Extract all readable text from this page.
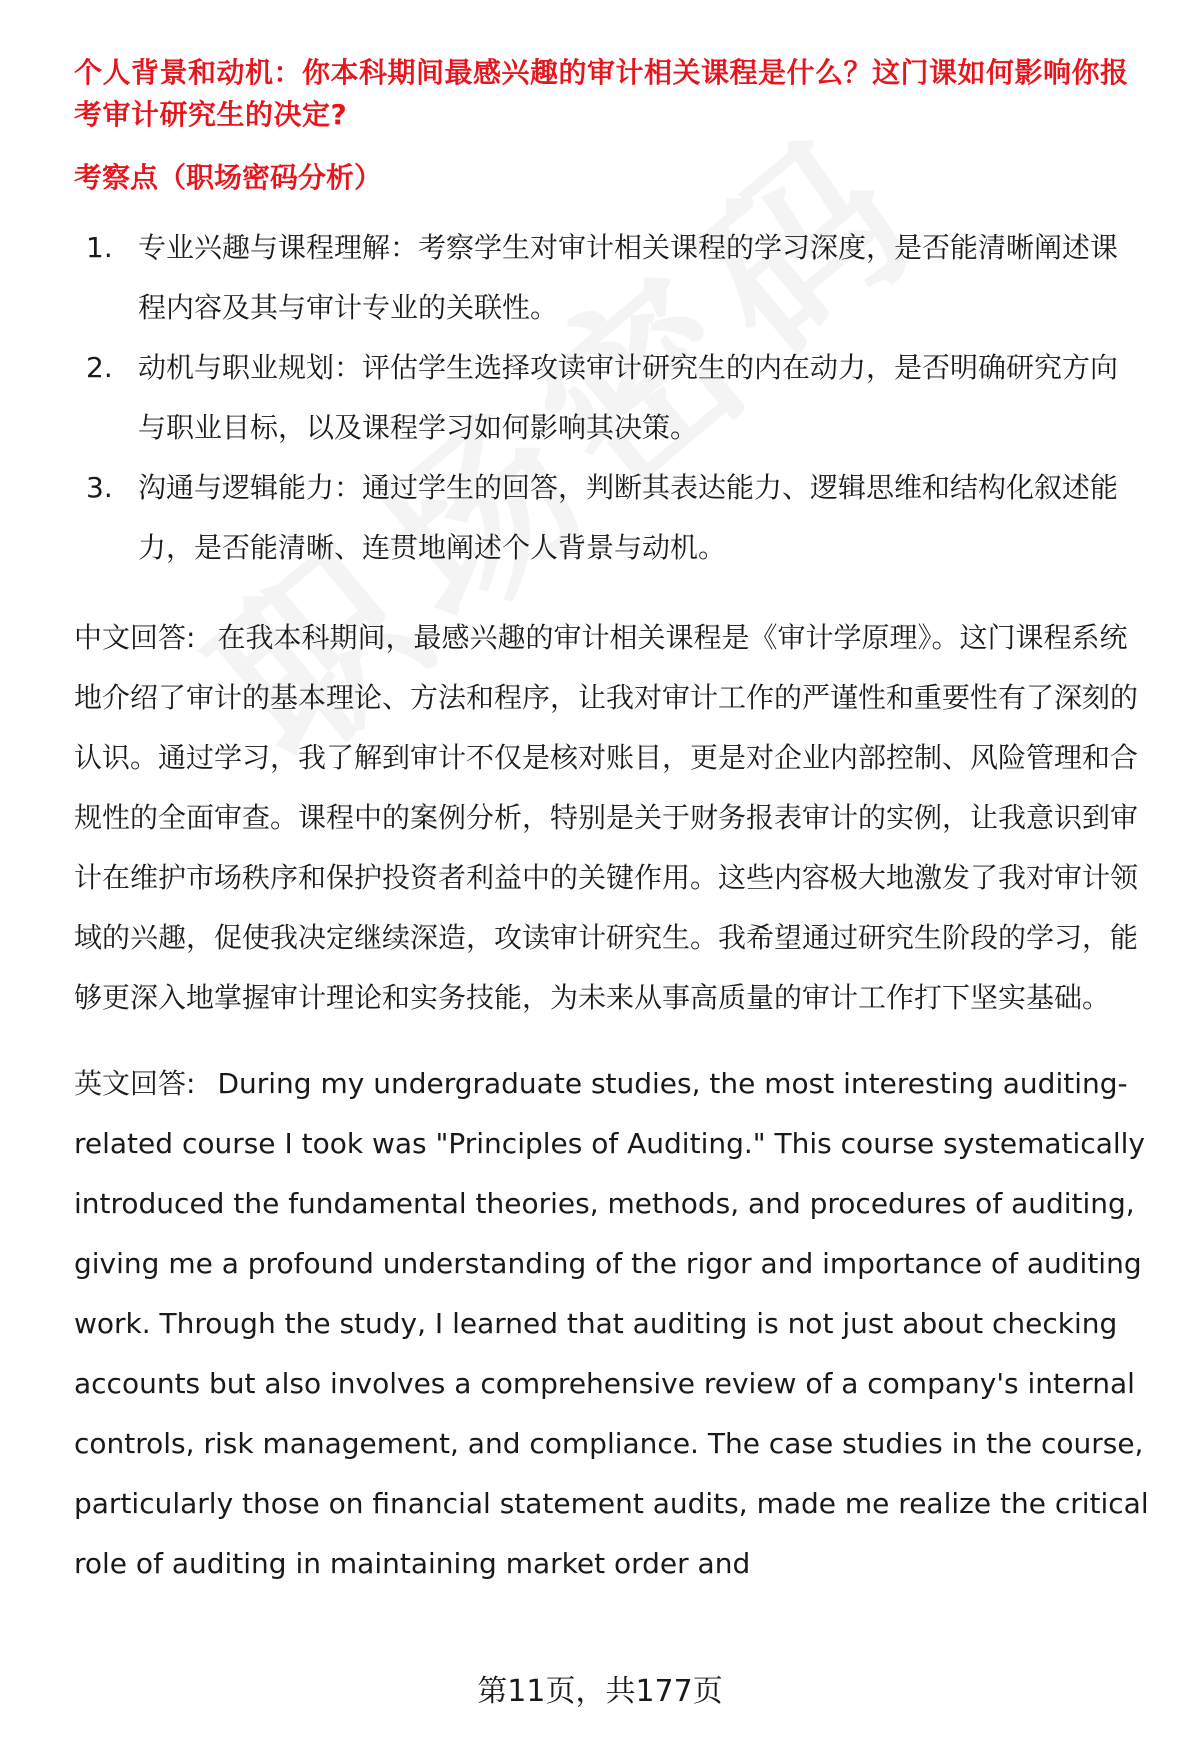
个人背景和动机：你本科期间最感兴趣的审计相关课程是什么？这门课如何影响你报考审计研究生的决定?

考察点（职场密码分析）

1. 专业兴趣与课程理解：考察学生对审计相关课程的学习深度，是否能清晰阐述课程内容及其与审计专业的关联性。
2. 动机与职业规划：评估学生选择攻读审计研究生的内在动力，是否明确研究方向与职业目标，以及课程学习如何影响其决策。
3. 沟通与逻辑能力：通过学生的回答，判断其表达能力、逻辑思维和结构化叙述能力，是否能清晰、连贯地阐述个人背景与动机。

中文回答: 在我本科期间，最感兴趣的审计相关课程是《审计学原理》。这门课程系统地介绍了审计的基本理论、方法和程序，让我对审计工作的严谨性和重要性有了深刻的认识。通过学习，我了解到审计不仅是核对账目，更是对企业内部控制、风险管理和合规性的全面审查。课程中的案例分析，特别是关于财务报表审计的实例，让我意识到审计在维护市场秩序和保护投资者利益中的关键作用。这些内容极大地激发了我对审计领域的兴趣，促使我决定继续深造，攻读审计研究生。我希望通过研究生阶段的学习，能够更深入地掌握审计理论和实务技能，为未来从事高质量的审计工作打下坚实基础。

英文回答: During my undergraduate studies, the most interesting auditing-related course I took was "Principles of Auditing." This course systematically introduced the fundamental theories, methods, and procedures of auditing, giving me a profound understanding of the rigor and importance of auditing work. Through the study, I learned that auditing is not just about checking accounts but also involves a comprehensive review of a company's internal controls, risk management, and compliance. The case studies in the course, particularly those on financial statement audits, made me realize the critical role of auditing in maintaining market order and

第11页，共177页
